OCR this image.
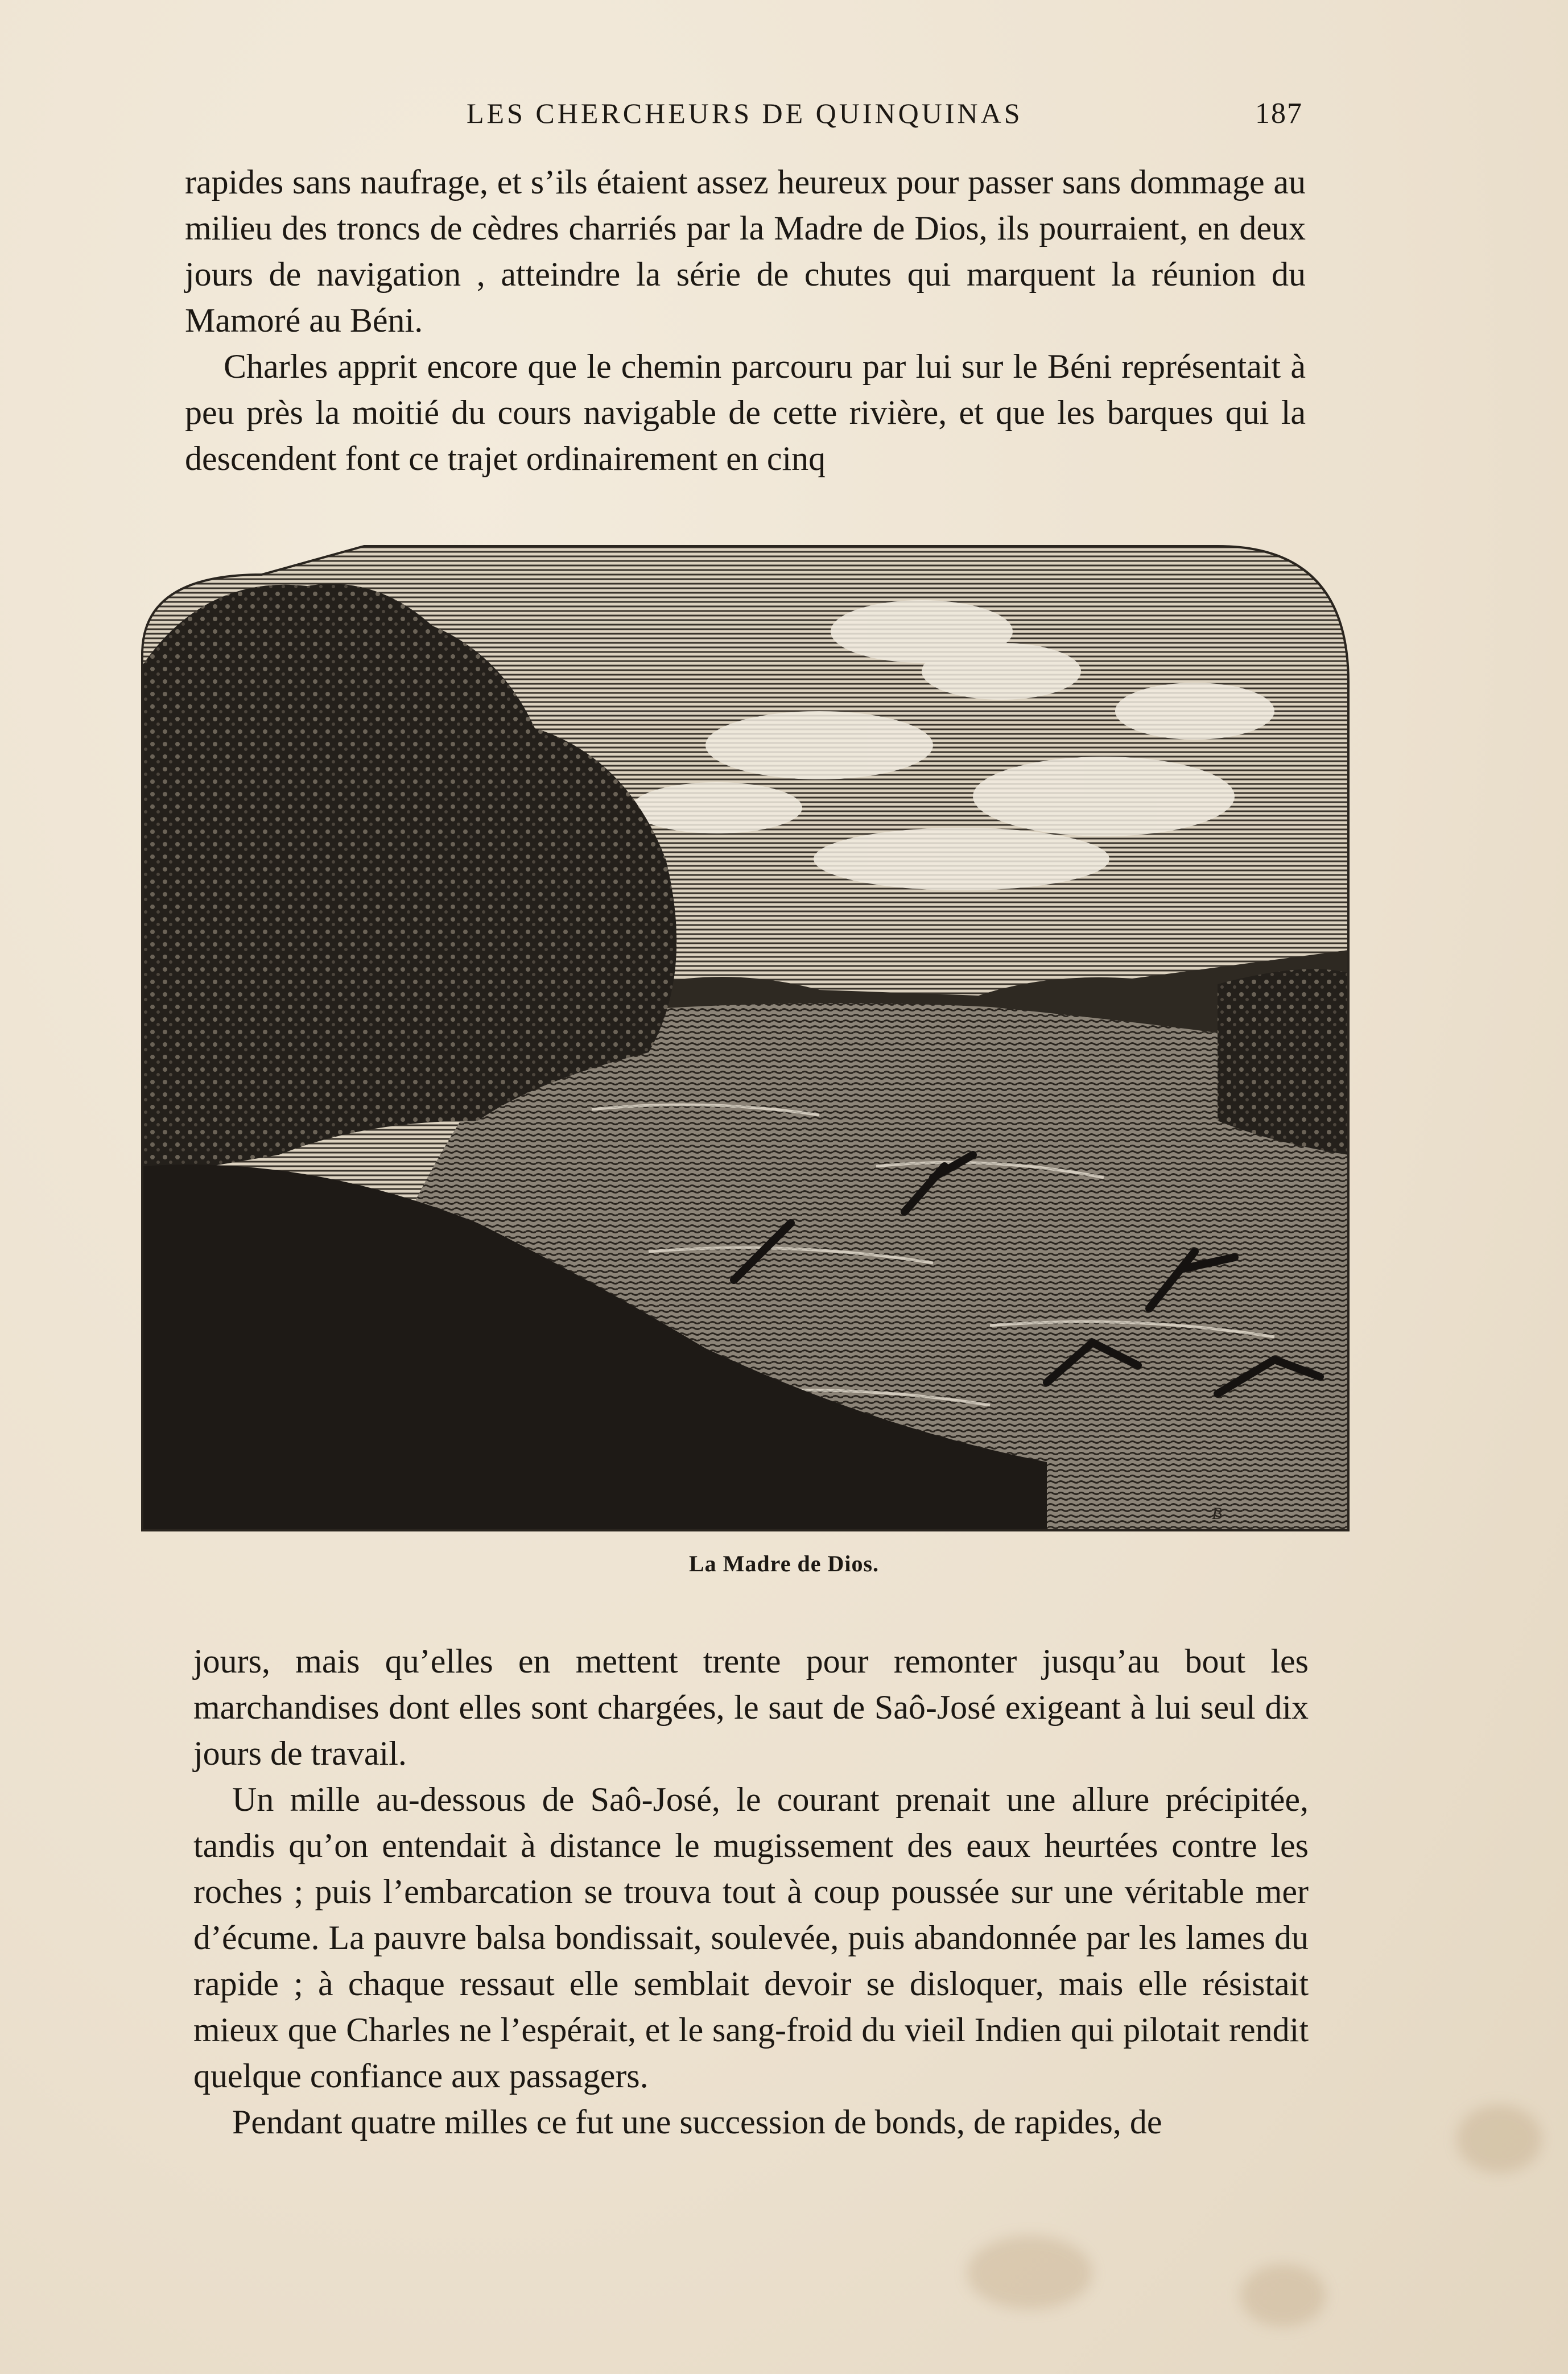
LES CHERCHEURS DE QUINQUINAS	187

rapides sans naufrage, et s’ils étaient assez heureux pour passer sans dommage au milieu des troncs de cèdres charriés par la Madre de Dios, ils pourraient, en deux jours de navigation , atteindre la série de chutes qui marquent la réunion du Mamoré au Béni.

Charles apprit encore que le chemin parcouru par lui sur le Béni représentait à peu près la moitié du cours navigable de cette rivière, et que les barques qui la descendent font ce trajet ordinairement en cinq

B
La Madre de Dios.

jours, mais qu’elles en mettent trente pour remonter jusqu’au bout les marchandises dont elles sont chargées, le saut de Saô-José exigeant à lui seul dix jours de travail.

Un mille au-dessous de Saô-José, le courant prenait une allure précipitée, tandis qu’on entendait à distance le mugissement des eaux heurtées contre les roches ; puis l’embarcation se trouva tout à coup poussée sur une véritable mer d’écume. La pauvre balsa bondissait, soulevée, puis abandonnée par les lames du rapide ; à chaque ressaut elle semblait devoir se disloquer, mais elle résistait mieux que Charles ne l’espérait, et le sang-froid du vieil Indien qui pilotait rendit quelque confiance aux passagers.

Pendant quatre milles ce fut une succession de bonds, de rapides, de
